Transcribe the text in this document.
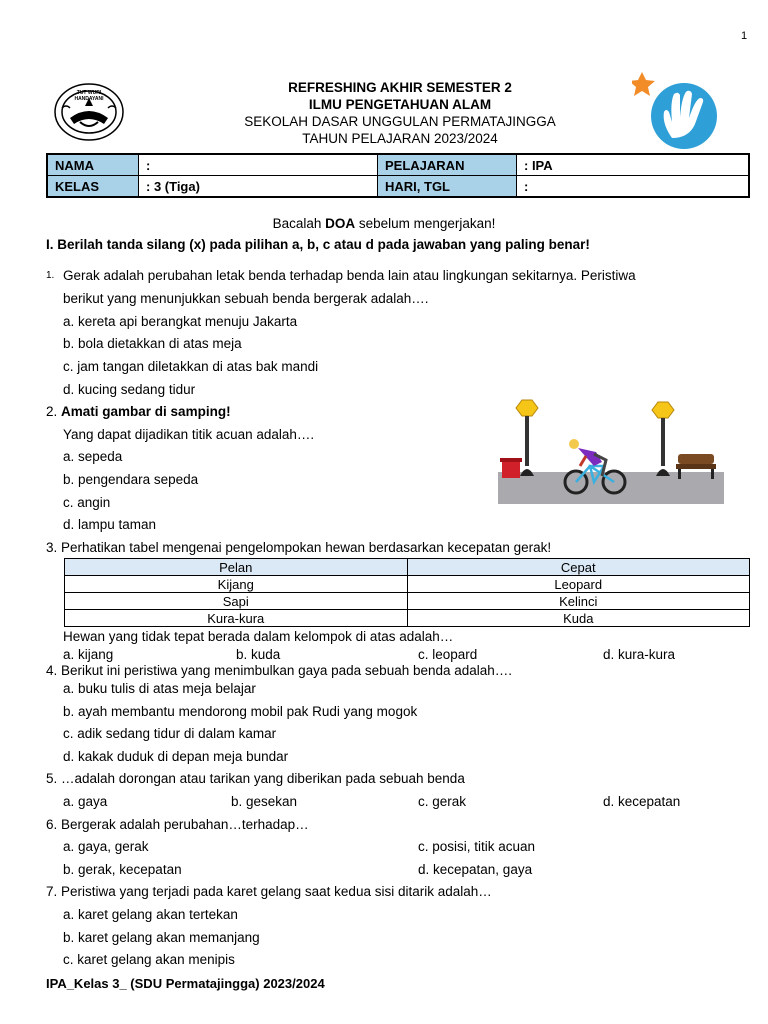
1
TUT WURI HANDAYANI
REFRESHING AKHIR SEMESTER 2
ILMU PENGETAHUAN ALAM
SEKOLAH DASAR UNGGULAN PERMATAJINGGA
TAHUN PELAJARAN 2023/2024
NAMA	:	PELAJARAN	: IPA
KELAS	: 3 (Tiga)	HARI, TGL	:
Bacalah DOA sebelum mengerjakan!
I. Berilah tanda silang (x) pada pilihan a, b, c atau d pada jawaban yang paling benar!
1. Gerak adalah perubahan letak benda terhadap benda lain atau lingkungan sekitarnya. Peristiwa
berikut yang menunjukkan sebuah benda bergerak adalah….
a. kereta api berangkat menuju Jakarta
b. bola dietakkan di atas meja
c. jam tangan diletakkan di atas bak mandi
d. kucing sedang tidur
2. Amati gambar di samping!
Yang dapat dijadikan titik acuan adalah….
a. sepeda
b. pengendara sepeda
c. angin
d. lampu taman
3. Perhatikan tabel mengenai pengelompokan hewan berdasarkan kecepatan gerak!
Pelan	Cepat
Kijang	Leopard
Sapi	Kelinci
Kura-kura	Kuda
Hewan yang tidak tepat berada dalam kelompok di atas adalah…
a. kijang	b. kuda	c. leopard	d. kura-kura
4. Berikut ini peristiwa yang menimbulkan gaya pada sebuah benda adalah….
a. buku tulis di atas meja belajar
b. ayah membantu mendorong mobil pak Rudi yang mogok
c. adik sedang tidur di dalam kamar
d. kakak duduk di depan meja bundar
5. …adalah dorongan atau tarikan yang diberikan pada sebuah benda
a. gaya	b. gesekan	c. gerak	d. kecepatan
6. Bergerak adalah perubahan…terhadap…
a. gaya, gerak	c. posisi, titik acuan
b. gerak, kecepatan	d. kecepatan, gaya
7. Peristiwa yang terjadi pada karet gelang saat kedua sisi ditarik adalah…
a. karet gelang akan tertekan
b. karet gelang akan memanjang
c. karet gelang akan menipis
IPA_Kelas 3_ (SDU Permatajingga) 2023/2024
